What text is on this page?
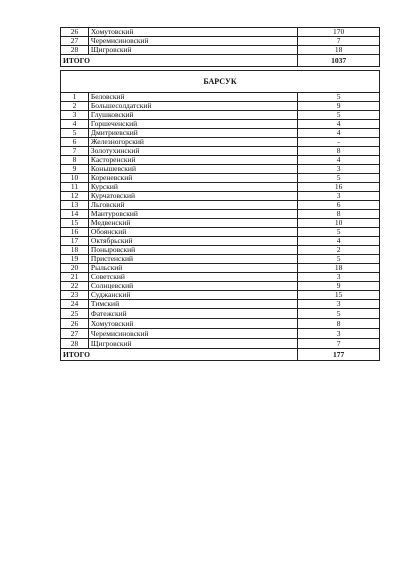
26	Хомутовский	170
27	Черемисиновский	7
28	Щигровский	18
ИТОГО		1037
БАРСУК		
1	Беловский	5
2	Большесолдатский	9
3	Глушковский	5
4	Горшеченский	4
5	Дмитриевский	4
6	Железногорский	-
7	Золотухинский	8
8	Касторенский	4
9	Конышевский	3
10	Кореневский	5
11	Курский	16
12	Курчатовский	3
13	Льговский	6
14	Мантуровский	8
15	Медвенский	10
16	Обоянский	5
17	Октябрьский	4
18	Поныровский	2
19	Пристенский	5
20	Рыльский	18
21	Советский	3
22	Солнцевский	9
23	Суджанский	15
24	Тимский	3
25	Фатежский	5
26	Хомутовский	8
27	Черемисиновский	3
28	Щигровский	7
ИТОГО		177
